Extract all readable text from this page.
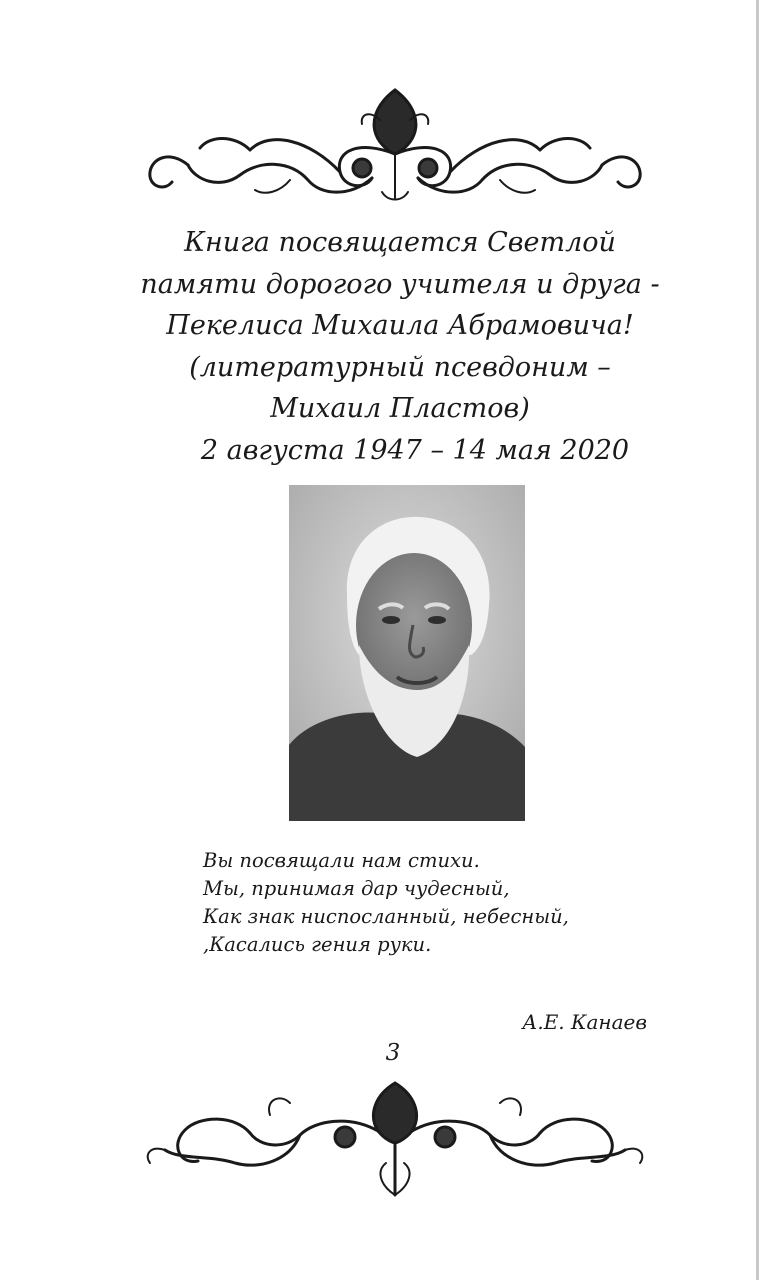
Книга посвящается Светлой
памяти дорогого учителя и друга -
Пекелиса Михаила Абрамовича!
(литературный псевдоним –
Михаил Пластов)
2 августа 1947 – 14 мая 2020
Вы посвящали нам стихи.
Мы, принимая дар чудесный,
Как знак ниспосланный, небесный,
,Касались гения руки.
А.Е. Канаев
3
